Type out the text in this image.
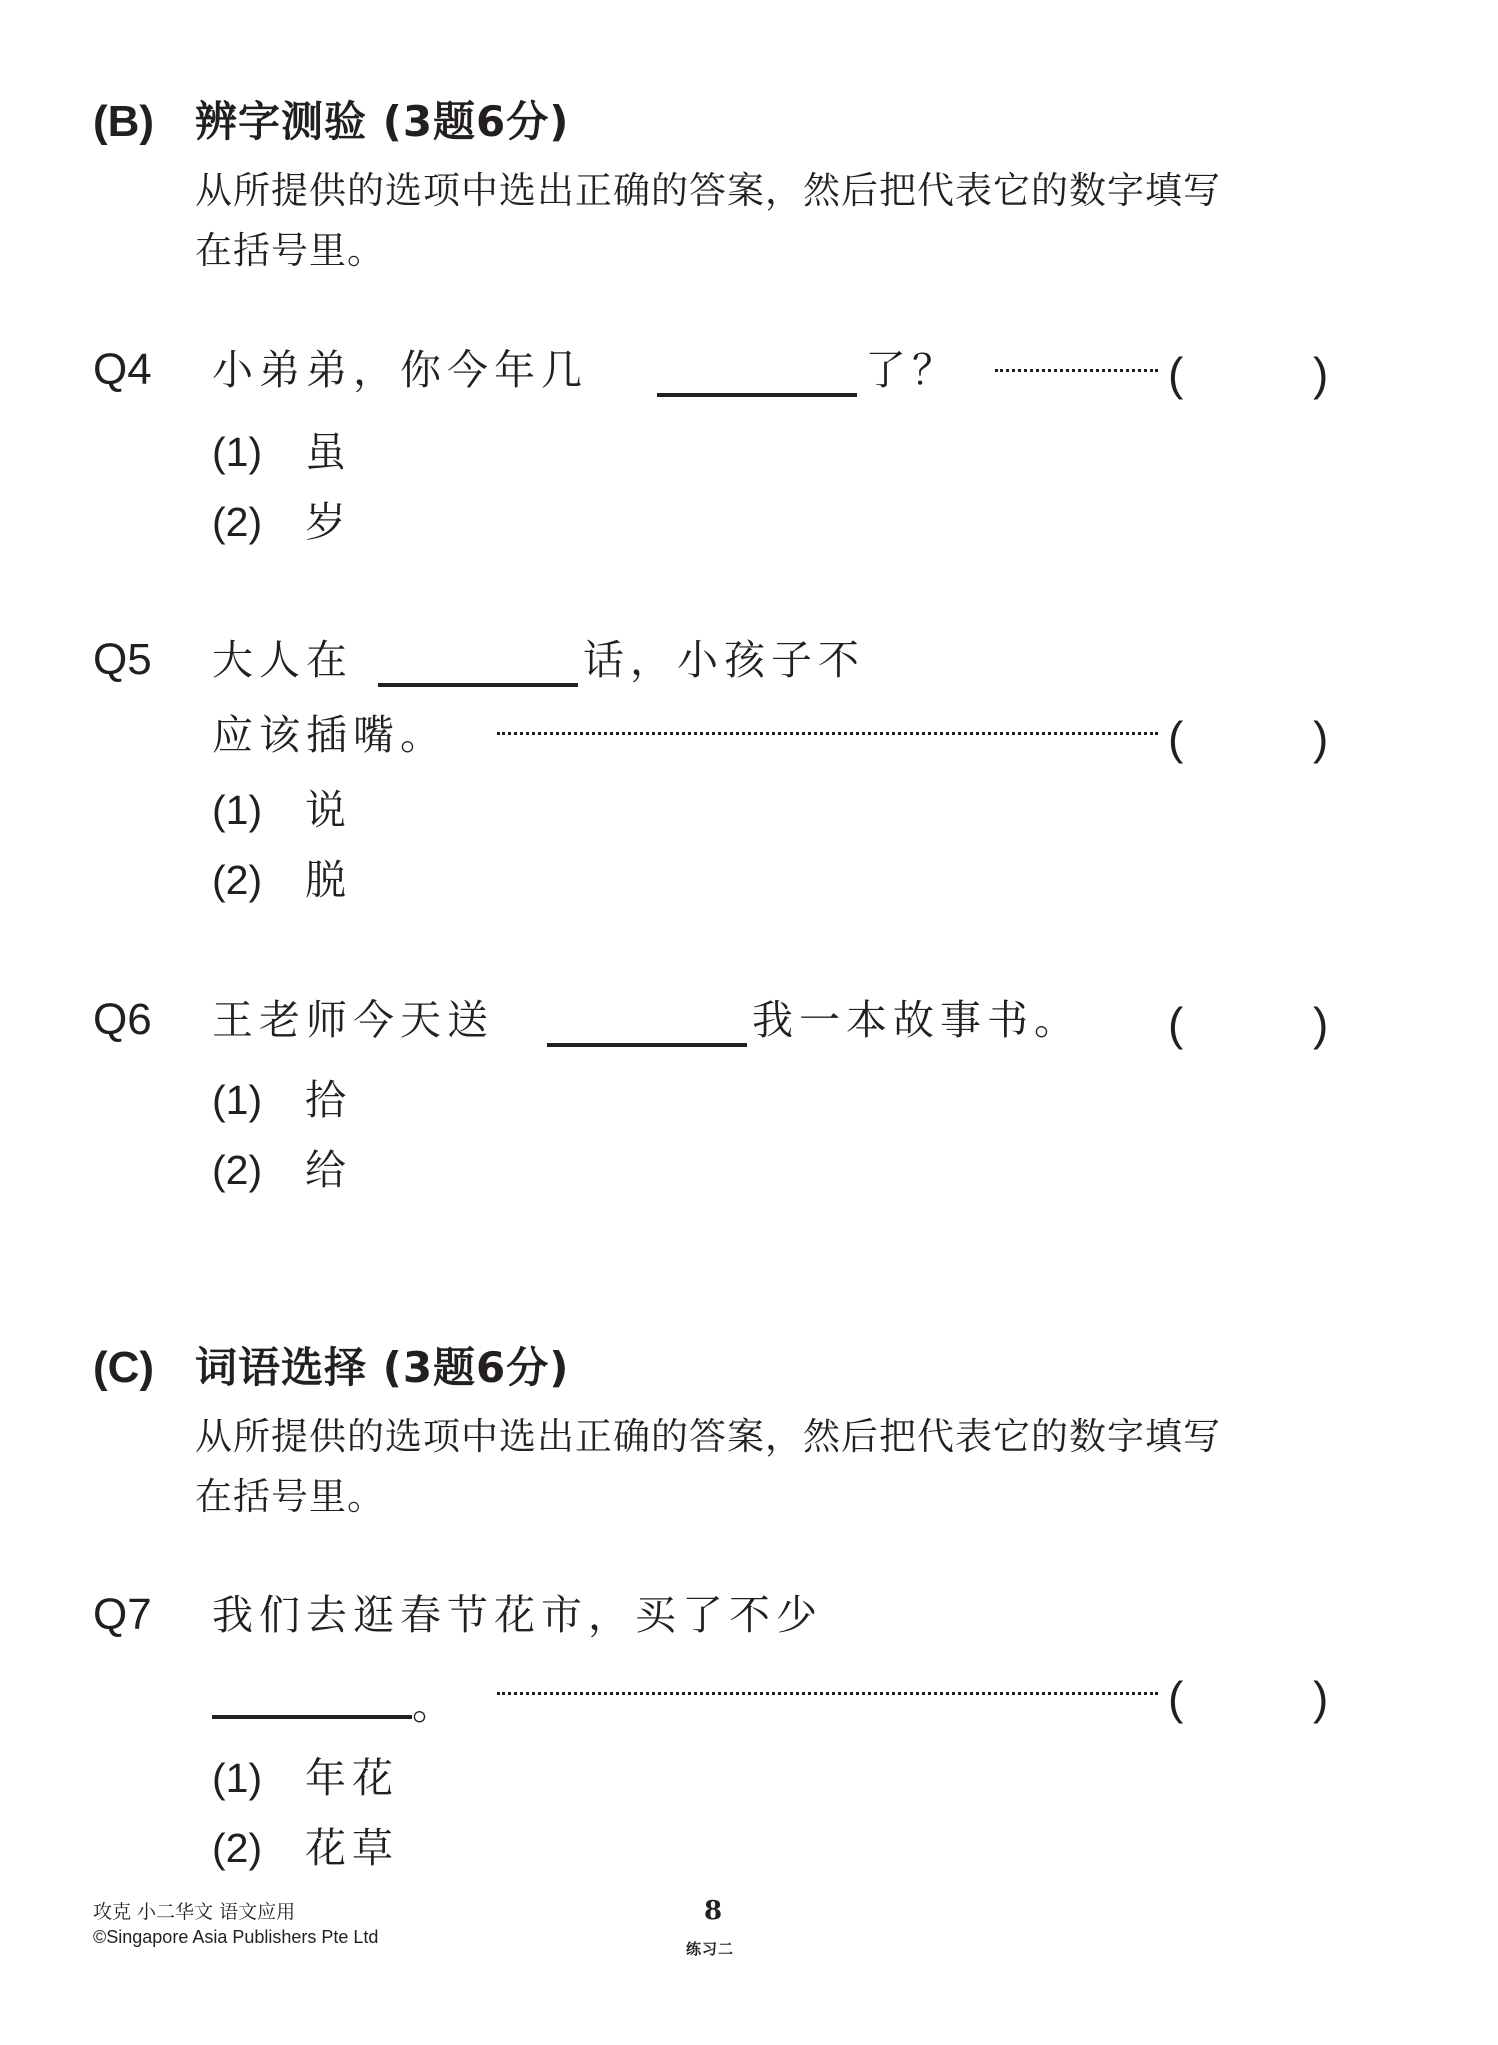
(B) 辨字测验 (3题6分)
从所提供的选项中选出正确的答案，然后把代表它的数字填写
在括号里。
Q4 小弟弟，你今年几	了？	(	)
(1) 虽
(2) 岁
Q5 大人在	话，小孩子不
应该插嘴。	(	)
(1) 说
(2) 脱
Q6 王老师今天送	我一本故事书。 (	)
(1) 拾
(2) 给
(C) 词语选择 (3题6分)
从所提供的选项中选出正确的答案，然后把代表它的数字填写
在括号里。
Q7 我们去逛春节花市，买了不少
。	(	)
(1) 年花
(2) 花草
攻克 小二华文 语文应用
©Singapore Asia Publishers Pte Ltd
8
练习二
